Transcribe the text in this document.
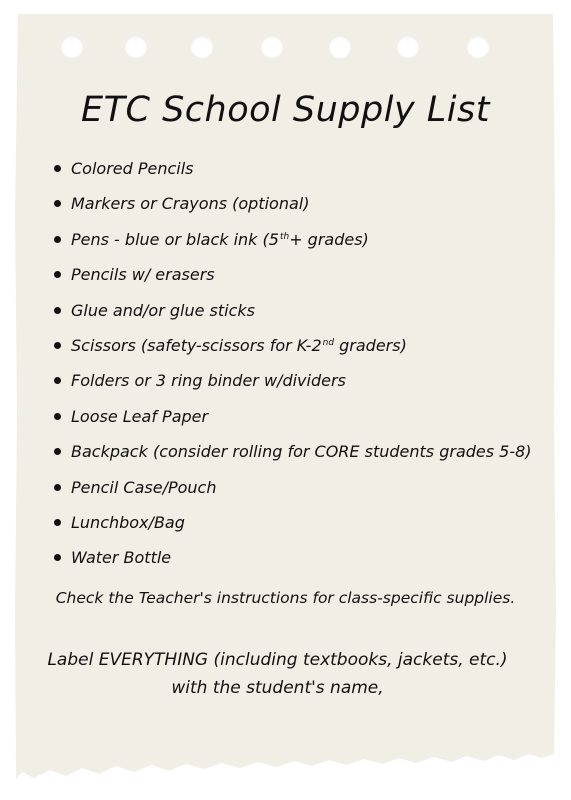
ETC School Supply List
Colored Pencils
Markers or Crayons (optional)
Pens - blue or black ink (5th+ grades)
Pencils w/ erasers
Glue and/or glue sticks
Scissors (safety-scissors for K-2nd graders)
Folders or 3 ring binder w/dividers
Loose Leaf Paper
Backpack (consider rolling for CORE students grades 5-8)
Pencil Case/Pouch
Lunchbox/Bag
Water Bottle

Check the Teacher's instructions for class-specific supplies.

Label EVERYTHING (including textbooks, jackets, etc.)

with the student's name,
